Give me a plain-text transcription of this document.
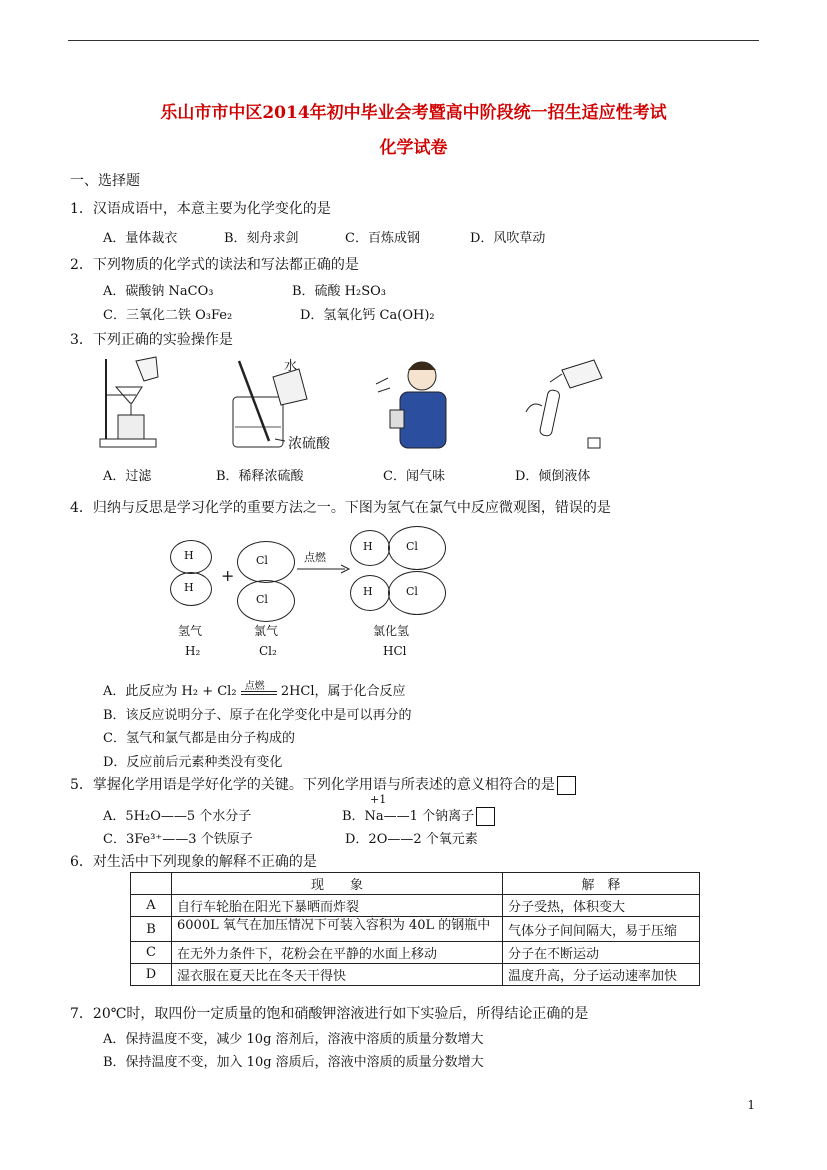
乐山市市中区2014年初中毕业会考暨高中阶段统一招生适应性考试
化学试卷
一、选择题
1．汉语成语中，本意主要为化学变化的是
A．量体裁衣	B．刻舟求剑	C．百炼成钢	D．风吹草动
2．下列物质的化学式的读法和写法都正确的是
A．碳酸钠 NaCO₃	B．硫酸 H₂SO₃
C．三氧化二铁 O₃Fe₂	D．氢氧化钙 Ca(OH)₂
3．下列正确的实验操作是
水
浓硫酸
A．过滤	B．稀释浓硫酸	C．闻气味	D．倾倒液体
4．归纳与反思是学习化学的重要方法之一。下图为氢气在氯气中反应微观图，错误的是
H
H
+
Cl
Cl
点燃
H	Cl
H	Cl
氢气
H₂
氯气
Cl₂
氯化氢
HCl
A．此反应为 H₂ + Cl₂ 点燃 2HCl，属于化合反应
B．该反应说明分子、原子在化学变化中是可以再分的
C．氢气和氯气都是由分子构成的
D．反应前后元素种类没有变化
5．掌握化学用语是学好化学的关键。下列化学用语与所表述的意义相符合的是
A．5H₂O——5 个水分子
+1
B．Na——1 个钠离子
C．3Fe³⁺——3 个铁原子	D．2O——2 个氧元素
6．对生活中下列现象的解释不正确的是
	现　　象	解　释
A	自行车轮胎在阳光下暴晒而炸裂	分子受热，体积变大
B	6000L 氧气在加压情况下可装入容积为 40L 的钢瓶中	气体分子间间隔大，易于压缩
C	在无外力条件下，花粉会在平静的水面上移动	分子在不断运动
D	湿衣服在夏天比在冬天干得快	温度升高，分子运动速率加快
7．20℃时，取四份一定质量的饱和硝酸钾溶液进行如下实验后，所得结论正确的是
A．保持温度不变，减少 10g 溶剂后，溶液中溶质的质量分数增大
B．保持温度不变，加入 10g 溶质后，溶液中溶质的质量分数增大
1
